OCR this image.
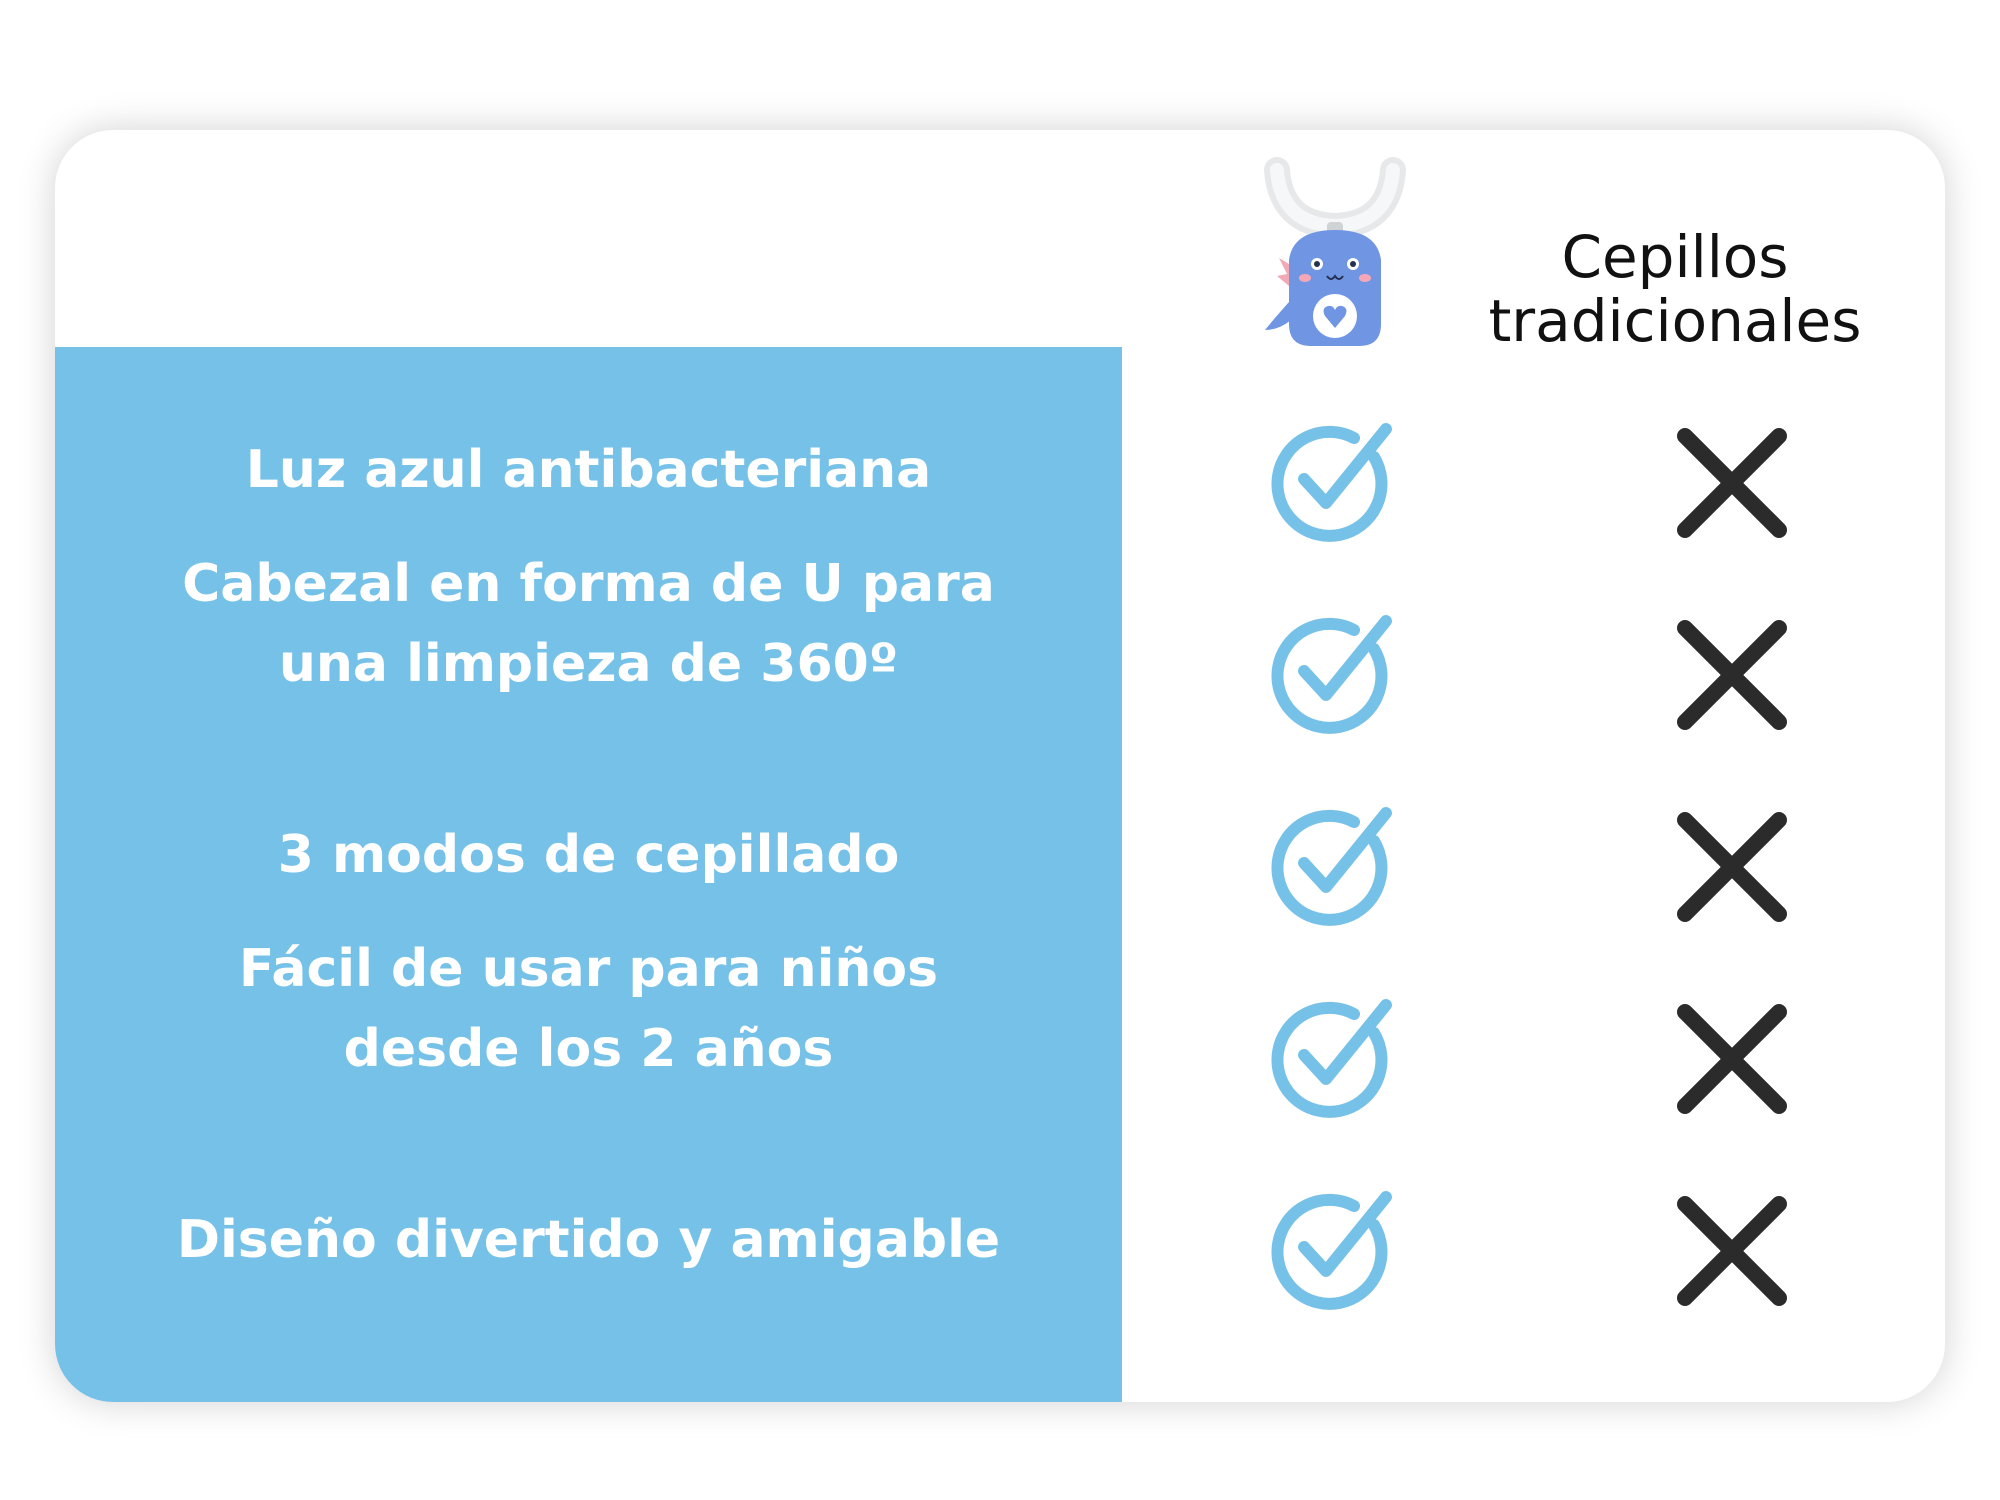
Luz azul antibacteriana
Cabezal en forma de U para
una limpieza de 360º
3 modos de cepillado
Fácil de usar para niños
desde los 2 años
Diseño divertido y amigable
Cepillos
tradicionales
